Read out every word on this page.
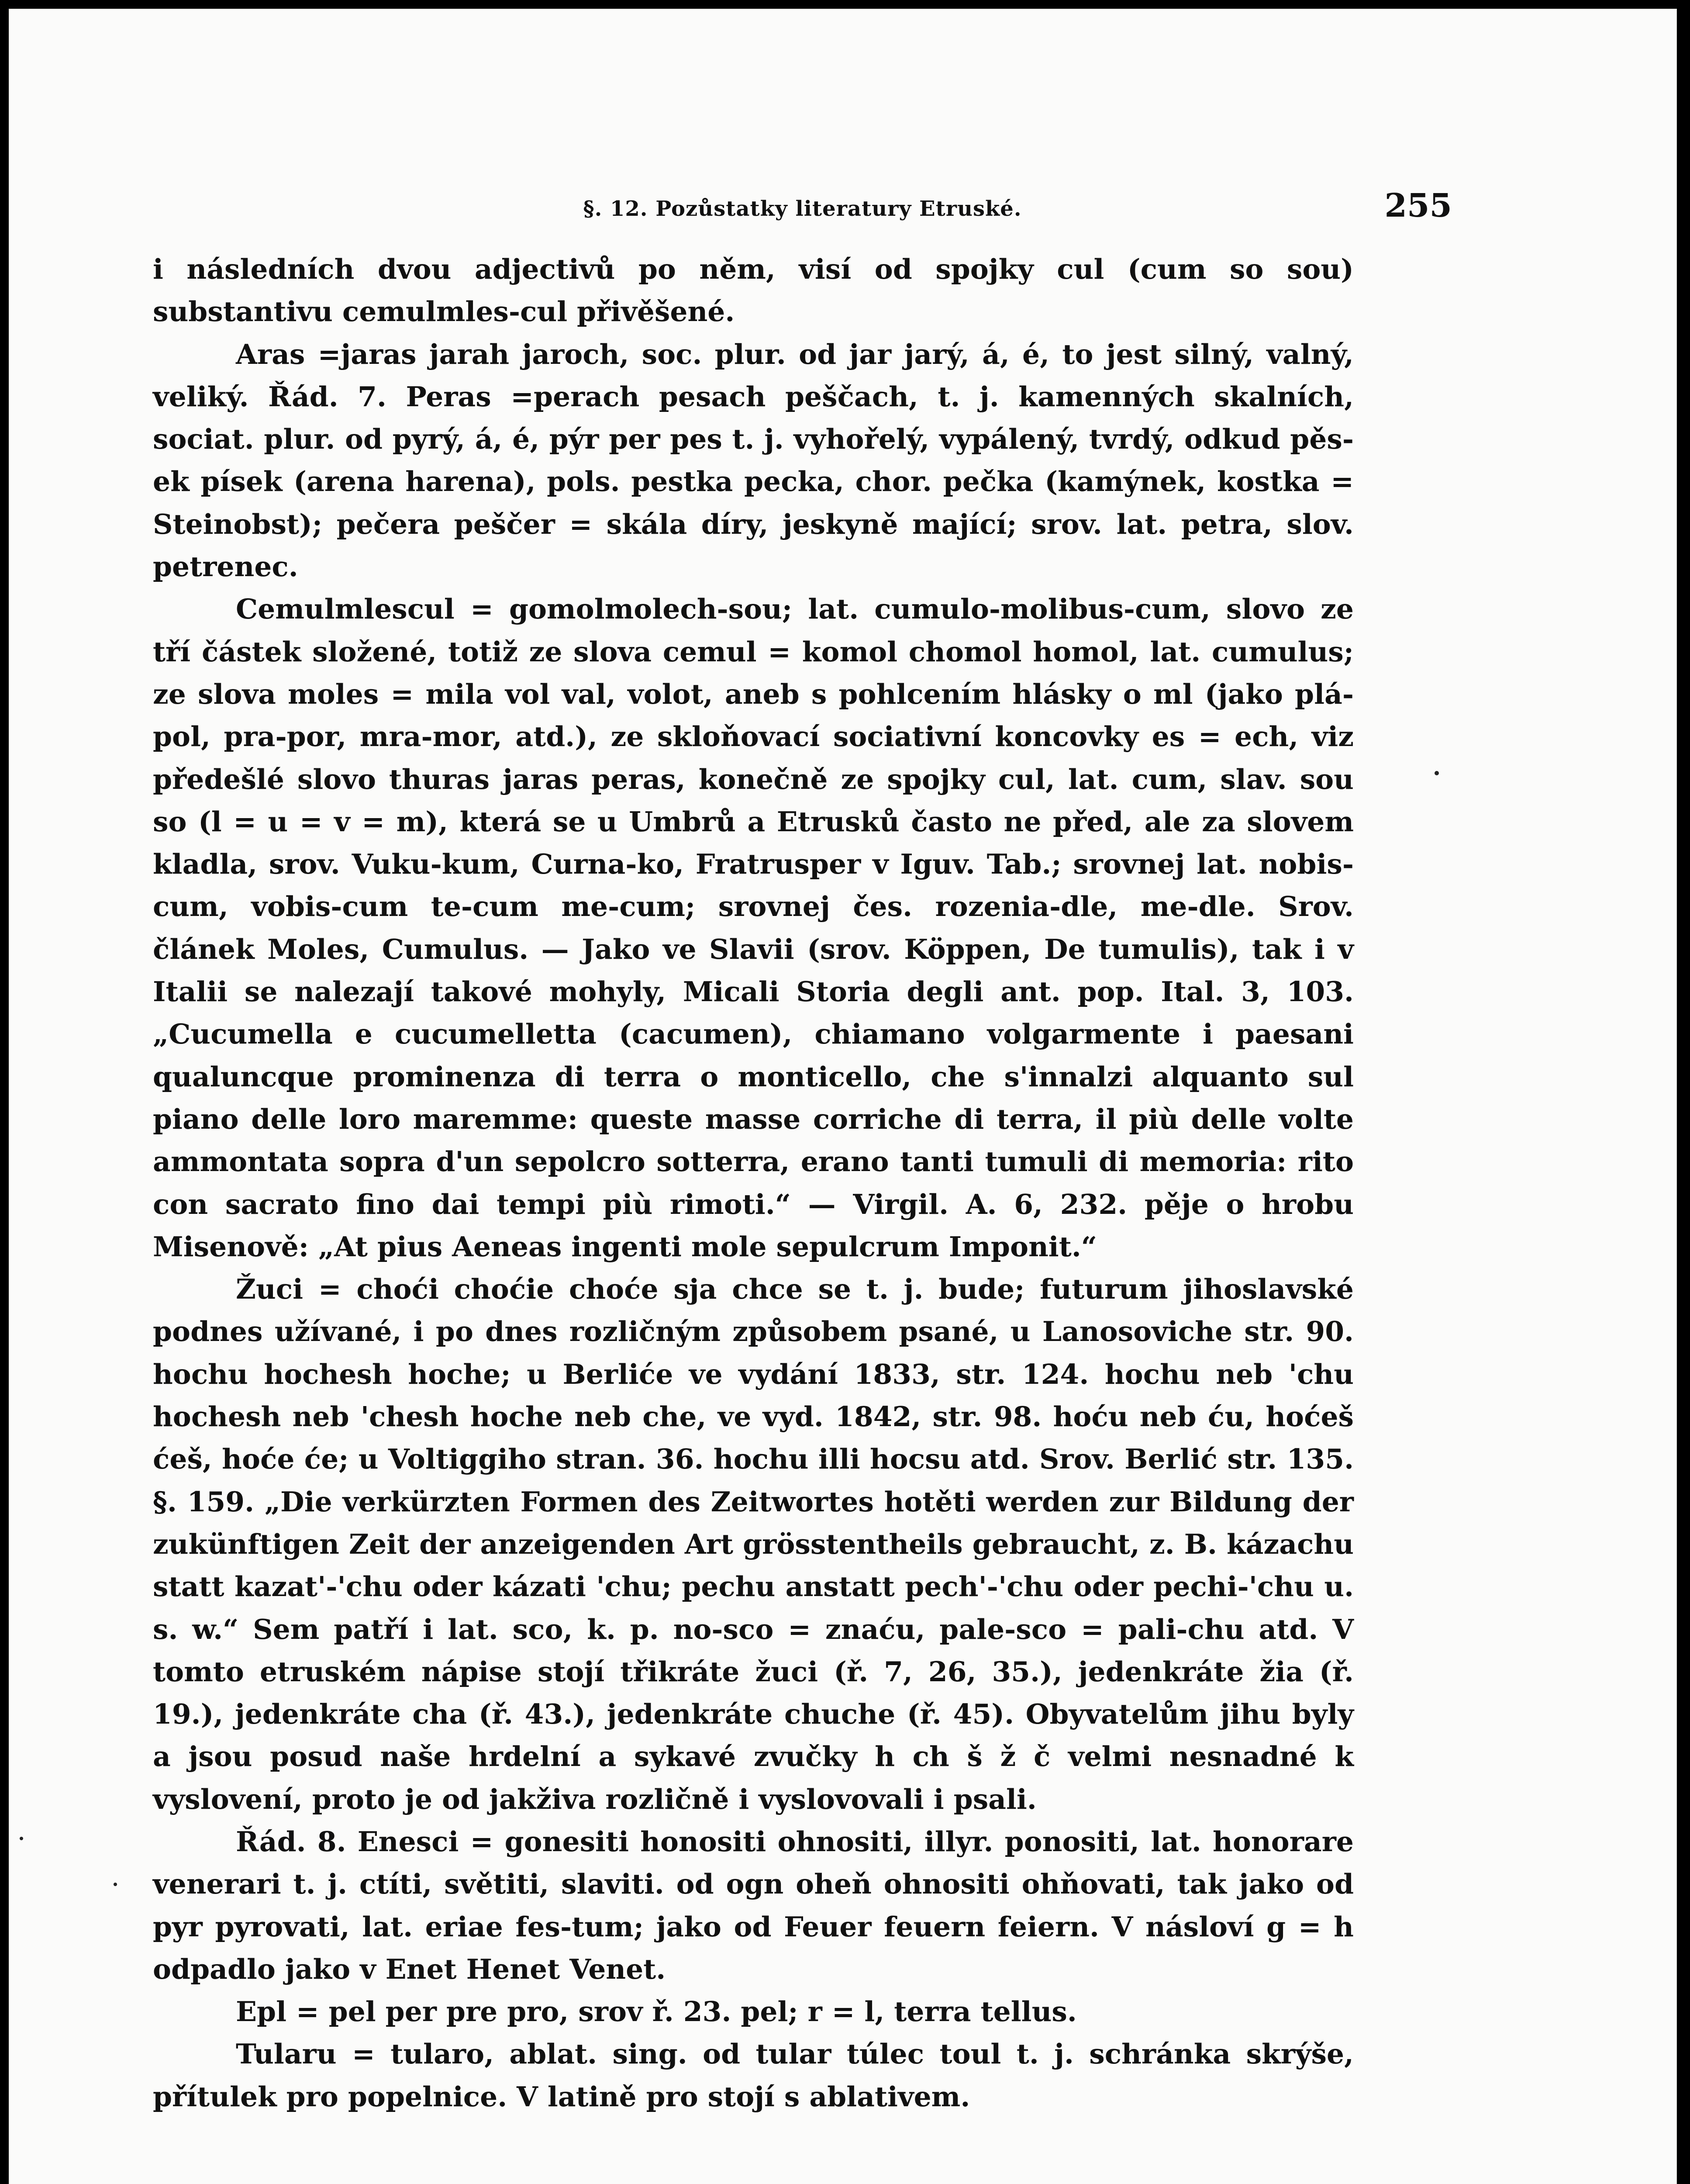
§. 12. Pozůstatky literatury Etruské.	255

i následních dvou adjectivů po něm, visí od spojky cul (cum so sou) substantivu cemulmles-cul přivěšené.

Aras =jaras jarah jaroch, soc. plur. od jar jarý, á, é, to jest silný, valný, veliký. Řád. 7. Peras =perach pesach peščach, t. j. kamenných skalních, sociat. plur. od pyrý, á, é, pýr per pes t. j. vyhořelý, vypálený, tvrdý, odkud pěs-ek písek (arena harena), pols. pestka pecka, chor. pečka (kamýnek, kostka = Steinobst); pečera peščer = skála díry, jeskyně mající; srov. lat. petra, slov. petrenec.

Cemulmlescul = gomolmolech-sou; lat. cumulo-molibus-cum, slovo ze tří částek složené, totiž ze slova cemul = komol chomol homol, lat. cumulus; ze slova moles = mila vol val, volot, aneb s pohlcením hlásky o ml (jako plá-pol, pra-por, mra-mor, atd.), ze skloňovací sociativní koncovky es = ech, viz předešlé slovo thuras jaras peras, konečně ze spojky cul, lat. cum, slav. sou so (l = u = v = m), která se u Umbrů a Etrusků často ne před, ale za slovem kladla, srov. Vuku-kum, Curna-ko, Fratrusper v Iguv. Tab.; srovnej lat. nobis-cum, vobis-cum te-cum me-cum; srovnej čes. rozenia-dle, me-dle. Srov. článek Moles, Cumulus. — Jako ve Slavii (srov. Köppen, De tumulis), tak i v Italii se nalezají takové mohyly, Micali Storia degli ant. pop. Ital. 3, 103. „Cucumella e cucumelletta (cacumen), chiamano volgarmente i paesani qualuncque prominenza di terra o monticello, che s'innalzi alquanto sul piano delle loro maremme: queste masse corriche di terra, il più delle volte ammontata sopra d'un sepolcro sotterra, erano tanti tumuli di memoria: rito con sacrato fino dai tempi più rimoti.“ — Virgil. A. 6, 232. pěje o hrobu Misenově: „At pius Aeneas ingenti mole sepulcrum Imponit.“

Žuci = choći choćie choće sja chce se t. j. bude; futurum jihoslavské podnes užívané, i po dnes rozličným způsobem psané, u Lanosoviche str. 90. hochu hochesh hoche; u Berliće ve vydání 1833, str. 124. hochu neb 'chu hochesh neb 'chesh hoche neb che, ve vyd. 1842, str. 98. hoću neb ću, hoćeš ćeš, hoće će; u Voltiggiho stran. 36. hochu illi hocsu atd. Srov. Berlić str. 135. §. 159. „Die verkürzten Formen des Zeitwortes hotěti werden zur Bildung der zukünftigen Zeit der anzeigenden Art grösstentheils gebraucht, z. B. kázachu statt kazat'-'chu oder kázati 'chu; pechu anstatt pech'-'chu oder pechi-'chu u. s. w.“ Sem patří i lat. sco, k. p. no-sco = znaću, pale-sco = pali-chu atd. V tomto etruském nápise stojí třikráte žuci (ř. 7, 26, 35.), jedenkráte žia (ř. 19.), jedenkráte cha (ř. 43.), jedenkráte chuche (ř. 45). Obyvatelům jihu byly a jsou posud naše hrdelní a sykavé zvučky h ch š ž č velmi nesnadné k vyslovení, proto je od jakživa rozličně i vyslovovali i psali.

Řád. 8. Enesci = gonesiti honositi ohnositi, illyr. ponositi, lat. honorare venerari t. j. ctíti, světiti, slaviti. od ogn oheň ohnositi ohňovati, tak jako od pyr pyrovati, lat. eriae fes-tum; jako od Feuer feuern feiern. V násloví g = h odpadlo jako v Enet Henet Venet.

Epl = pel per pre pro, srov ř. 23. pel; r = l, terra tellus.

Tularu = tularo, ablat. sing. od tular túlec toul t. j. schránka skrýše, přítulek pro popelnice. V latině pro stojí s ablativem.
